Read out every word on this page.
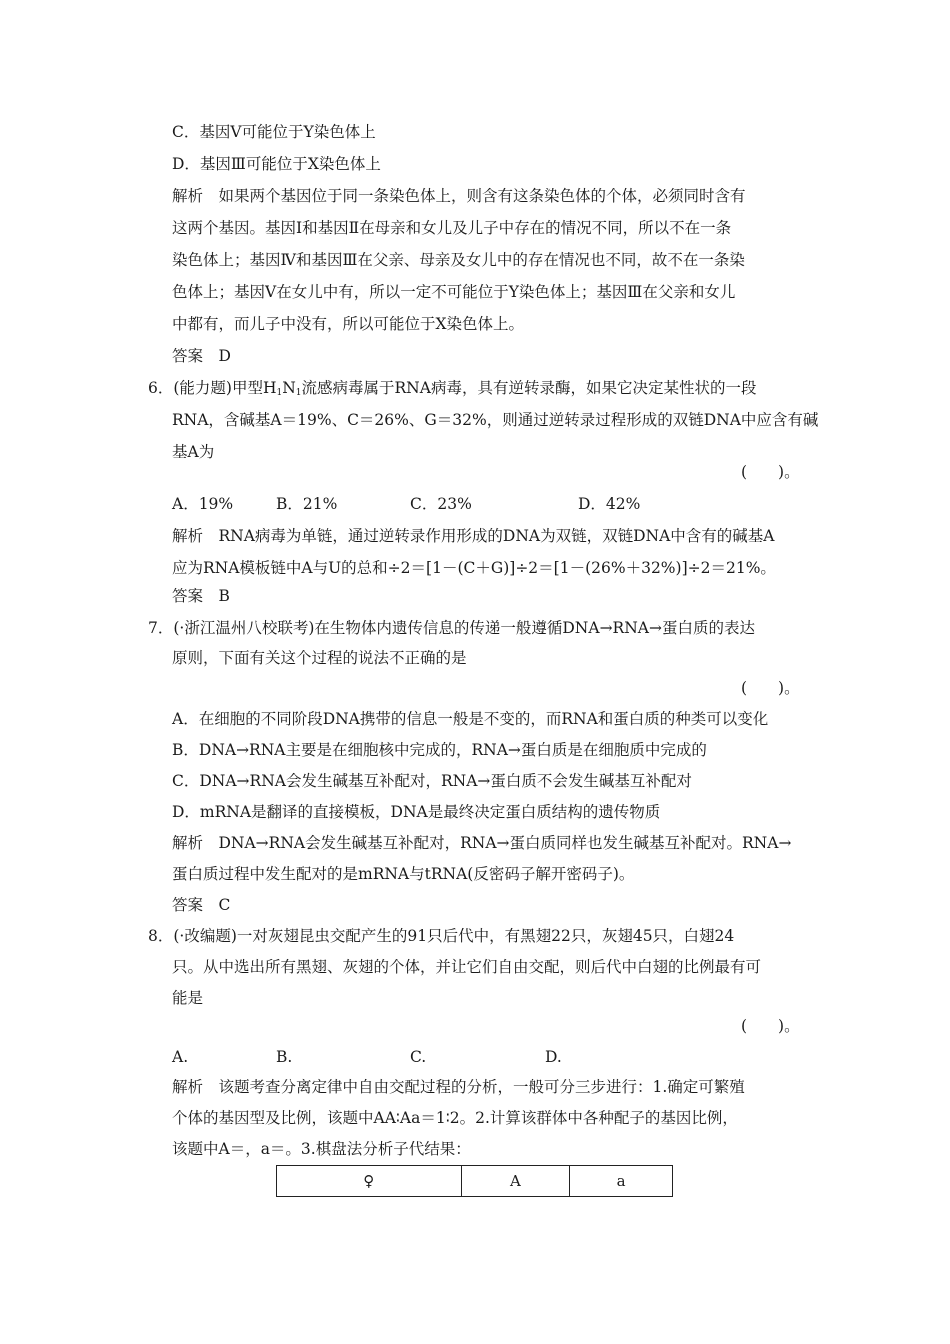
C．基因Ⅴ可能位于Y染色体上
D．基因Ⅲ可能位于X染色体上
解析　如果两个基因位于同一条染色体上，则含有这条染色体的个体，必须同时含有
这两个基因。基因Ⅰ和基因Ⅱ在母亲和女儿及儿子中存在的情况不同，所以不在一条
染色体上；基因Ⅳ和基因Ⅲ在父亲、母亲及女儿中的存在情况也不同，故不在一条染
色体上；基因Ⅴ在女儿中有，所以一定不可能位于Y染色体上；基因Ⅲ在父亲和女儿
中都有，而儿子中没有，所以可能位于X染色体上。
答案　D
6．(能力题)甲型$H_1N_1$流感病毒属于RNA病毒，具有逆转录酶，如果它决定某性状的一段
RNA，含碱基A＝19%、C＝26%、G＝32%，则通过逆转录过程形成的双链DNA中应含有碱
基A为
(　　)。
A．19%	B．21%	C．23%	D．42%
解析　RNA病毒为单链，通过逆转录作用形成的DNA为双链，双链DNA中含有的碱基A
应为RNA模板链中A与U的总和÷2＝[1－(C＋G)]÷2＝[1－(26%＋32%)]÷2＝21%。
答案　B
7．(·浙江温州八校联考)在生物体内遗传信息的传递一般遵循DNA→RNA→蛋白质的表达
原则，下面有关这个过程的说法不正确的是
(　　)。
A．在细胞的不同阶段DNA携带的信息一般是不变的，而RNA和蛋白质的种类可以变化
B．DNA→RNA主要是在细胞核中完成的，RNA→蛋白质是在细胞质中完成的
C．DNA→RNA会发生碱基互补配对，RNA→蛋白质不会发生碱基互补配对
D．mRNA是翻译的直接模板，DNA是最终决定蛋白质结构的遗传物质
解析　DNA→RNA会发生碱基互补配对，RNA→蛋白质同样也发生碱基互补配对。RNA→
蛋白质过程中发生配对的是mRNA与tRNA(反密码子解开密码子)。
答案　C
8．(·改编题)一对灰翅昆虫交配产生的91只后代中，有黑翅22只，灰翅45只，白翅24
只。从中选出所有黑翅、灰翅的个体，并让它们自由交配，则后代中白翅的比例最有可
能是
(　　)。
A.	B.	C.	D.
解析　该题考查分离定律中自由交配过程的分析，一般可分三步进行：1.确定可繁殖
个体的基因型及比例，该题中AA∶Aa＝1∶2。2.计算该群体中各种配子的基因比例，
该题中A＝，a＝。3.棋盘法分析子代结果：
♀	A	a
